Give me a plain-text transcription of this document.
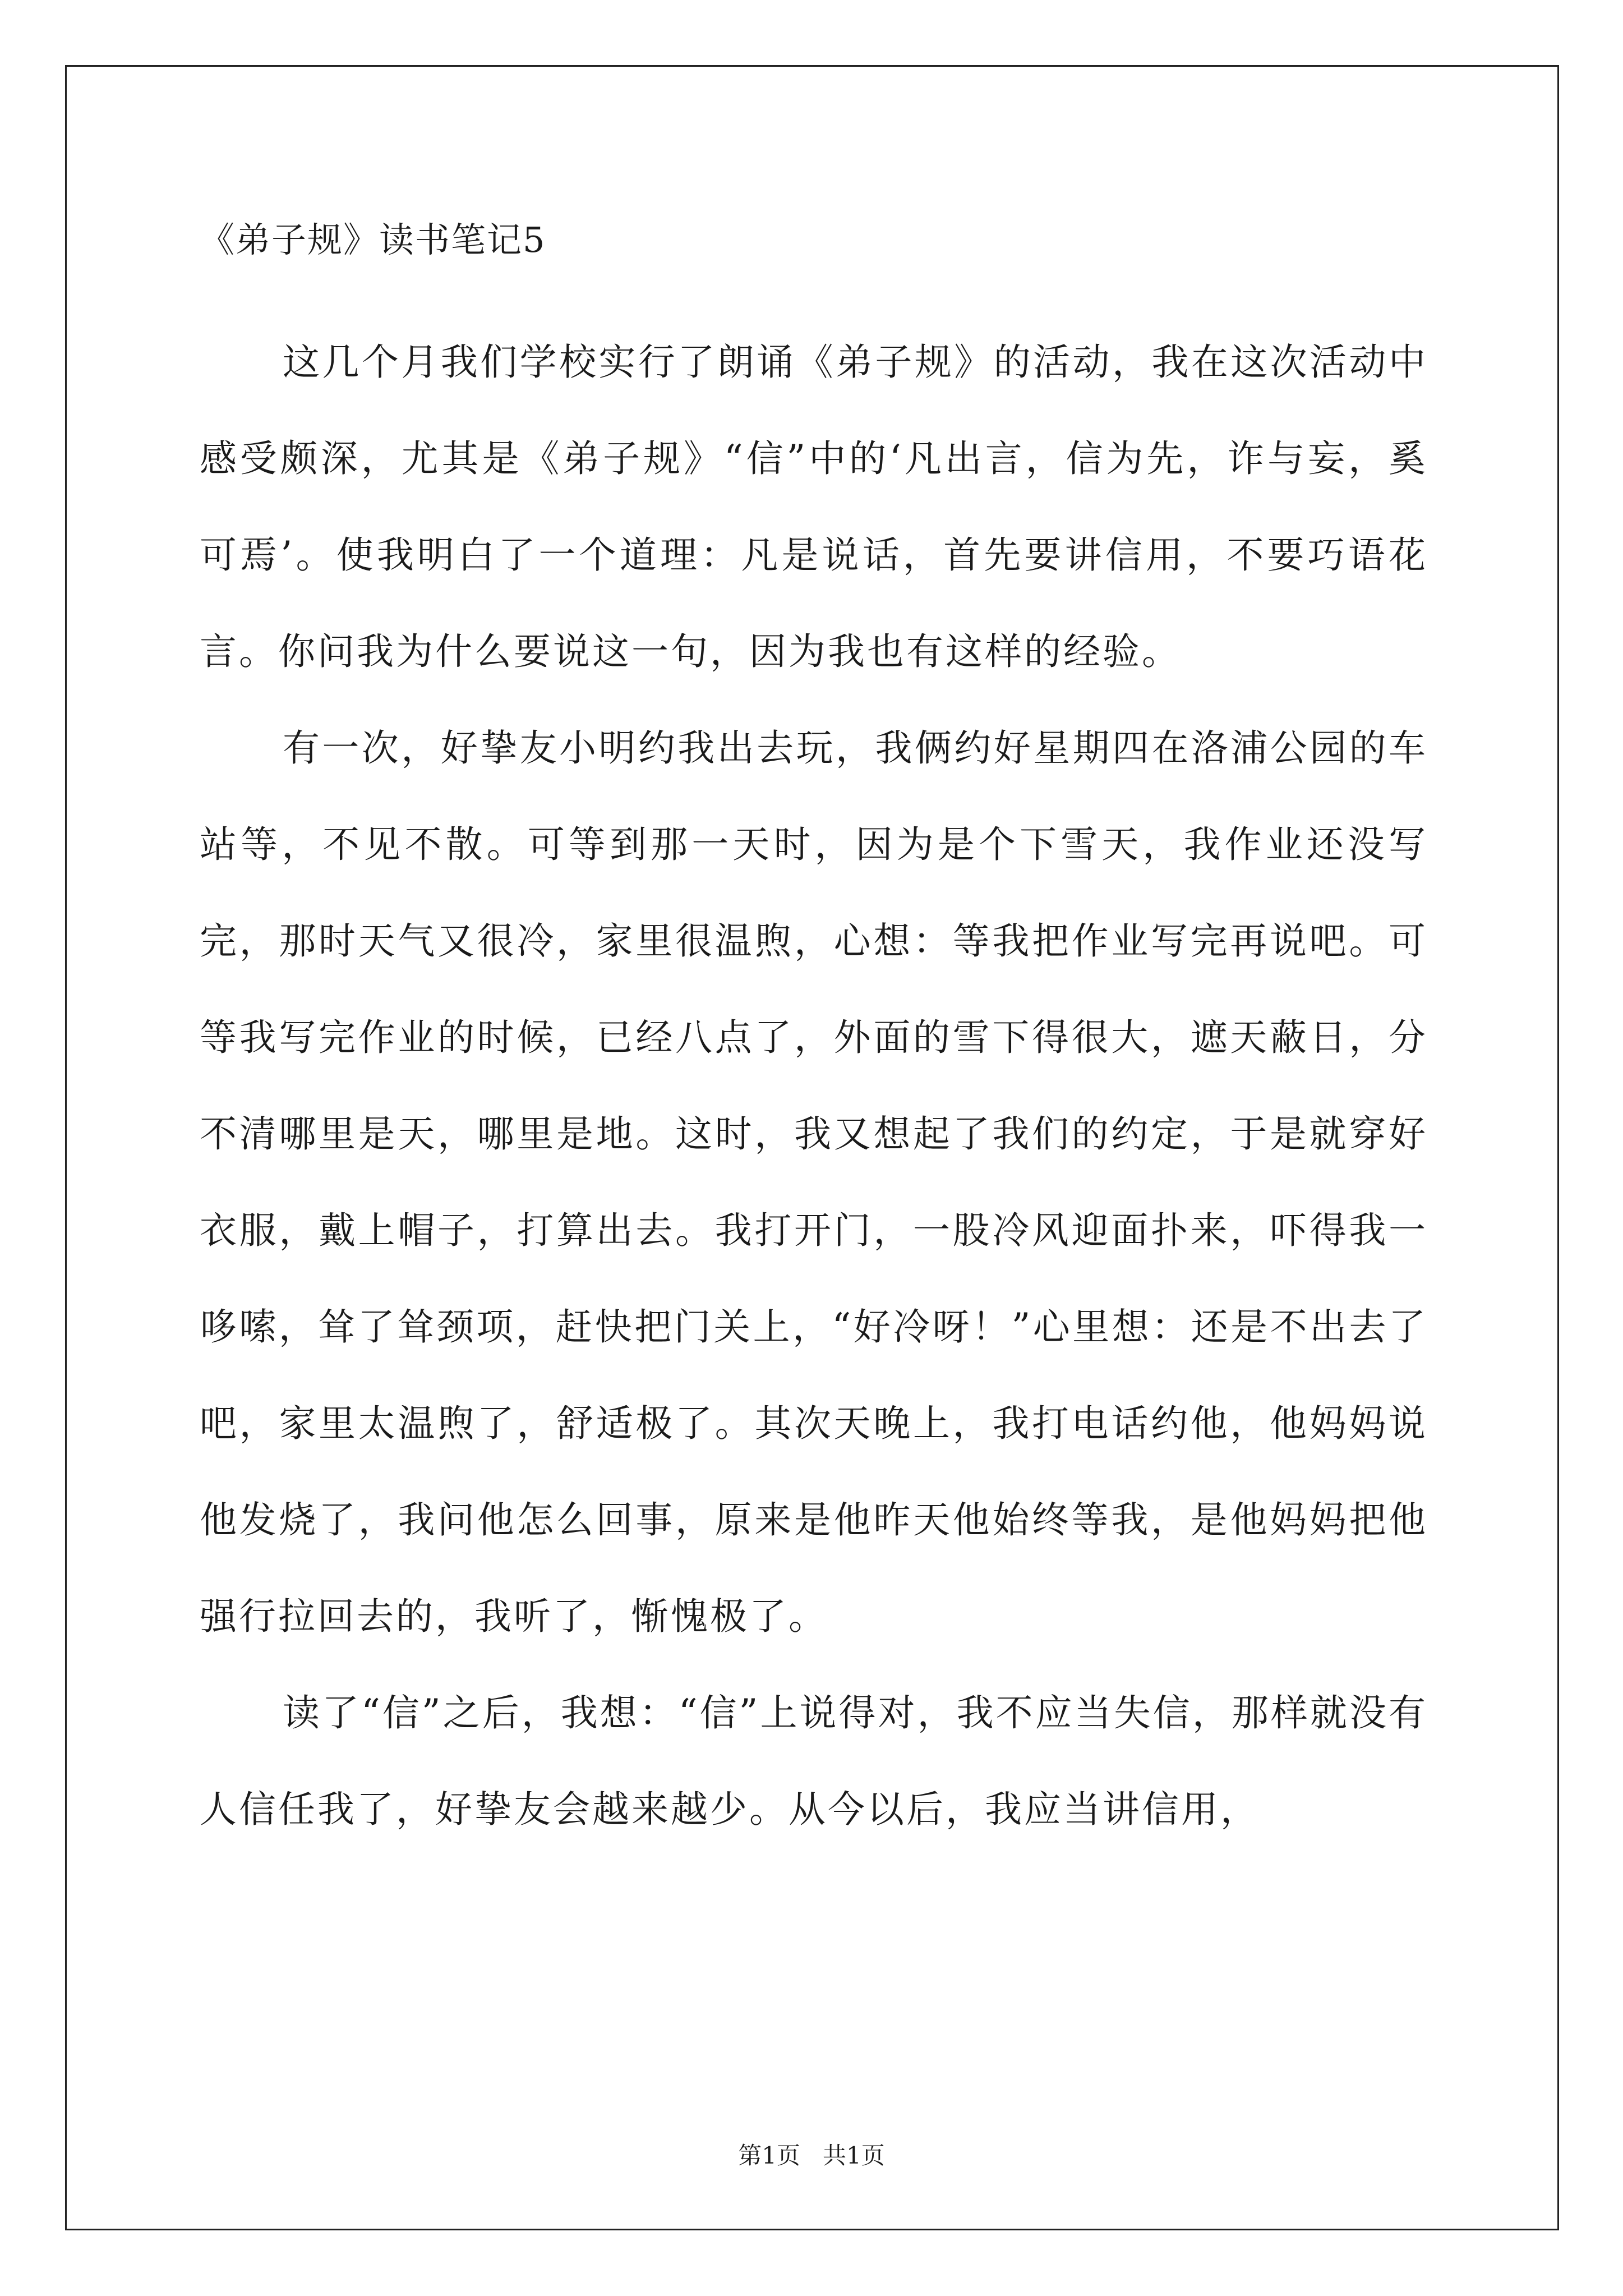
《弟子规》读书笔记5

这几个月我们学校实行了朗诵《弟子规》的活动，我在这次活动中感受颇深，尤其是《弟子规》“信”中的‘凡出言，信为先，诈与妄，奚可焉’。使我明白了一个道理：凡是说话，首先要讲信用，不要巧语花言。你问我为什么要说这一句，因为我也有这样的经验。

有一次，好挚友小明约我出去玩，我俩约好星期四在洛浦公园的车站等，不见不散。可等到那一天时，因为是个下雪天，我作业还没写完，那时天气又很冷，家里很温煦，心想：等我把作业写完再说吧。可等我写完作业的时候，已经八点了，外面的雪下得很大，遮天蔽日，分不清哪里是天，哪里是地。这时，我又想起了我们的约定，于是就穿好衣服，戴上帽子，打算出去。我打开门，一股冷风迎面扑来，吓得我一哆嗦，耸了耸颈项，赶快把门关上，“好冷呀！”心里想：还是不出去了吧，家里太温煦了，舒适极了。其次天晚上，我打电话约他，他妈妈说他发烧了，我问他怎么回事，原来是他昨天他始终等我，是他妈妈把他强行拉回去的，我听了，惭愧极了。

读了“信”之后，我想：“信”上说得对，我不应当失信，那样就没有人信任我了，好挚友会越来越少。从今以后，我应当讲信用，

第1页   共1页
